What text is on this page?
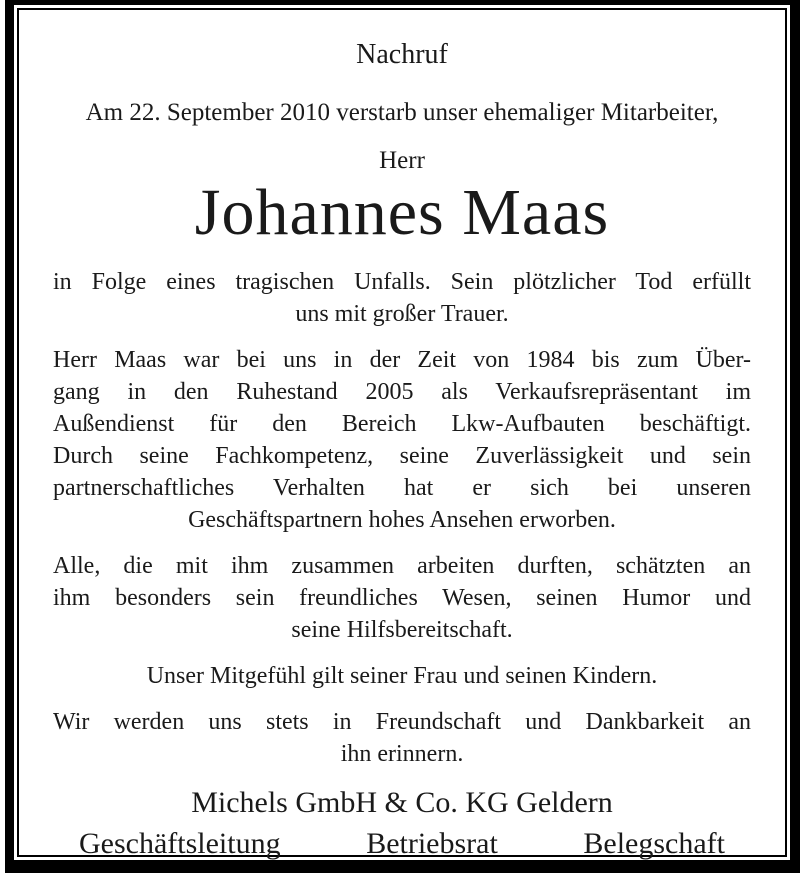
Nachruf
Am 22. September 2010 verstarb unser ehemaliger Mitarbeiter,
Herr
Johannes Maas
in Folge eines tragischen Unfalls. Sein plötzlicher Tod erfüllt
uns mit großer Trauer.
Herr Maas war bei uns in der Zeit von 1984 bis zum Über-
gang in den Ruhestand 2005 als Verkaufsrepräsentant im
Außendienst für den Bereich Lkw-Aufbauten beschäftigt.
Durch seine Fachkompetenz, seine Zuverlässigkeit und sein
partnerschaftliches Verhalten hat er sich bei unseren
Geschäftspartnern hohes Ansehen erworben.
Alle, die mit ihm zusammen arbeiten durften, schätzten an
ihm besonders sein freundliches Wesen, seinen Humor und
seine Hilfsbereitschaft.
Unser Mitgefühl gilt seiner Frau und seinen Kindern.
Wir werden uns stets in Freundschaft und Dankbarkeit an
ihn erinnern.
Michels GmbH & Co. KG Geldern
Geschäftsleitung	Betriebsrat	Belegschaft
